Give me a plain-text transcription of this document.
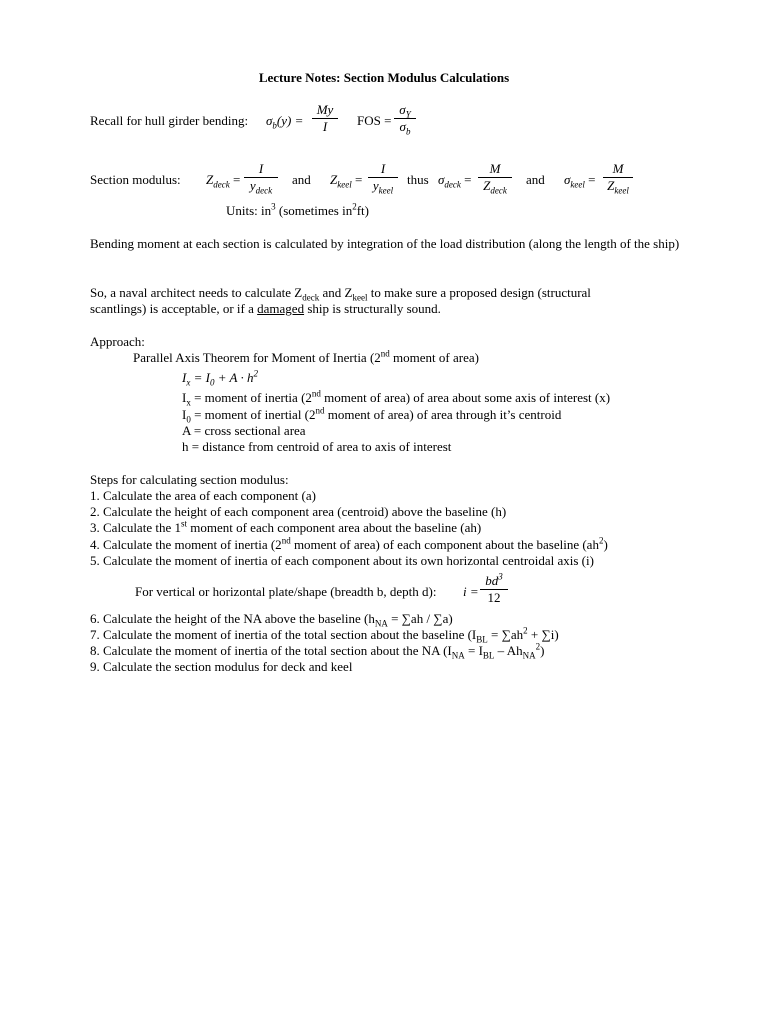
Lecture Notes: Section Modulus Calculations
Recall for hull girder bending: $\sigma_b(y)$ =
My
I	FOS =
$\sigma_Y$
$\sigma_b$
Section modulus: $Z_{deck}$ =
I
$y_{deck}$
and $Z_{keel}$ =
I
$y_{keel}$
thus $\sigma_{deck}$ =
M
$Z_{deck}$
and $\sigma_{keel}$ =
M
$Z_{keel}$
Units: $in^3$ (sometimes $in^2ft$)
Bending moment at each section is calculated by integration of the load distribution (along the length of the ship)
So, a naval architect needs to calculate $Z_{deck}$ and $Z_{keel}$ to make sure a proposed design (structural scantlings) is acceptable, or if a damaged ship is structurally sound.
Approach:
Parallel Axis Theorem for Moment of Inertia (2nd moment of area)
$I_x = I_0 + A \cdot h^2$
$I_x$ = moment of inertia (2nd moment of area) of area about some axis of interest (x)
$I_0$ = moment of inertial (2nd moment of area) of area through it’s centroid
A = cross sectional area
h = distance from centroid of area to axis of interest
Steps for calculating section modulus:
1. Calculate the area of each component (a)
2. Calculate the height of each component area (centroid) above the baseline (h)
3. Calculate the 1st moment of each component area about the baseline (ah)
4. Calculate the moment of inertia (2nd moment of area) of each component about the baseline $(ah^2)$
5. Calculate the moment of inertia of each component about its own horizontal centroidal axis (i)
For vertical or horizontal plate/shape (breadth b, depth d): i =
$bd^3$
12
6. Calculate the height of the NA above the baseline $(h_{NA} = \sum ah / \sum a)$
7. Calculate the moment of inertia of the total section about the baseline $(I_{BL} = \sum ah^2 + \sum i)$
8. Calculate the moment of inertia of the total section about the NA $(I_{NA} = I_{BL} - Ah_{NA}^2)$
9. Calculate the section modulus for deck and keel
